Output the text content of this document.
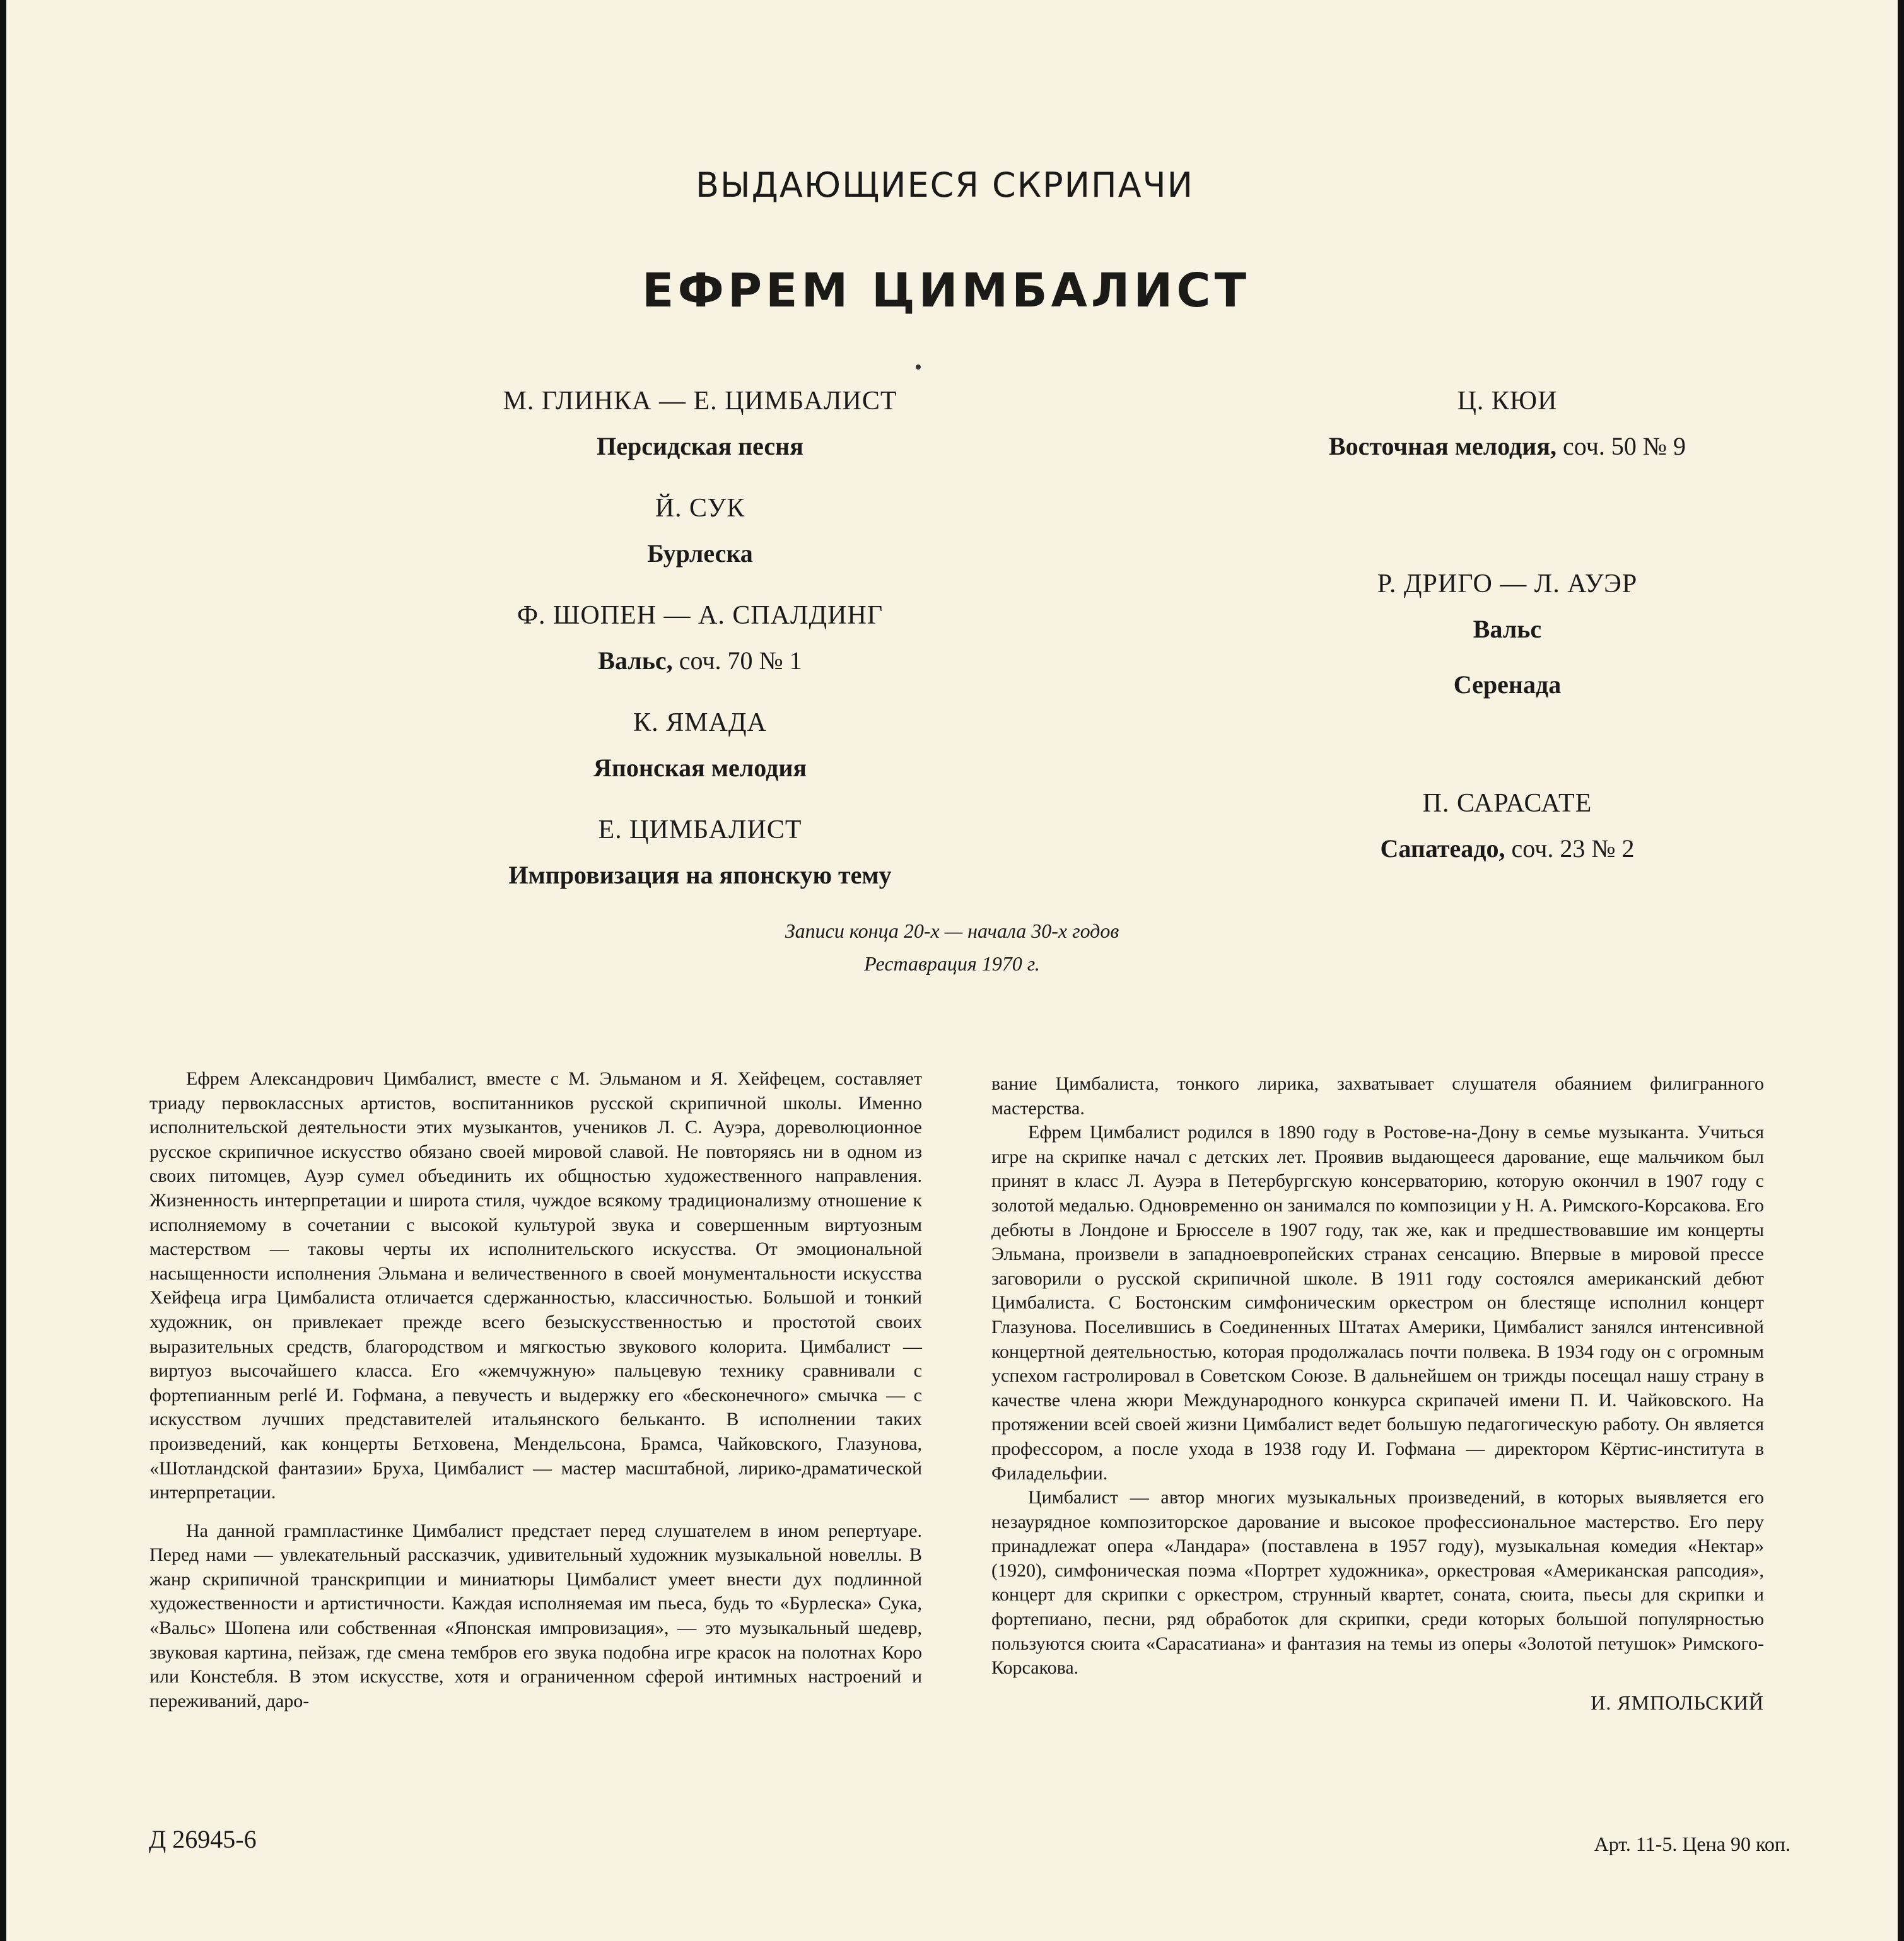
ВЫДАЮЩИЕСЯ СКРИПАЧИ
ЕФРЕМ ЦИМБАЛИСТ

М. ГЛИНКА — Е. ЦИМБАЛИСТ

Персидская песня

Й. СУК

Бурлеска

Ф. ШОПЕН — А. СПАЛДИНГ

Вальс, соч. 70 № 1

К. ЯМАДА

Японская мелодия

Е. ЦИМБАЛИСТ

Импровизация на японскую тему

Ц. КЮИ

Восточная мелодия, соч. 50 № 9

Р. ДРИГО — Л. АУЭР

Вальс

Серенада

П. САРАСАТЕ

Сапатеадо, соч. 23 № 2

Записи конца 20-х — начала 30-х годов
Реставрация 1970 г.

Ефрем Александрович Цимбалист, вместе с М. Эльманом и Я. Хейфецем, составляет триаду первоклассных артистов, воспитанников русской скрипичной школы. Именно исполнительской деятельности этих музыкантов, учеников Л. С. Ауэра, дореволюционное русское скрипичное искусство обязано своей мировой славой. Не повторяясь ни в одном из своих питомцев, Ауэр сумел объединить их общностью художественного направления. Жизненность интерпретации и широта стиля, чуждое всякому традиционализму отношение к исполняемому в сочетании с высокой культурой звука и совершенным виртуозным мастерством — таковы черты их исполнительского искусства. От эмоциональной насыщенности исполнения Эльмана и величественного в своей монументальности искусства Хейфеца игра Цимбалиста отличается сдержанностью, классичностью. Большой и тонкий художник, он привлекает прежде всего безыскусственностью и простотой своих выразительных средств, благородством и мягкостью звукового колорита. Цимбалист — виртуоз высочайшего класса. Его «жемчужную» пальцевую технику сравнивали с фортепианным perlé И. Гофмана, а певучесть и выдержку его «бесконечного» смычка — с искусством лучших представителей итальянского бельканто. В исполнении таких произведений, как концерты Бетховена, Мендельсона, Брамса, Чайковского, Глазунова, «Шотландской фантазии» Бруха, Цимбалист — мастер масштабной, лирико-драматической интерпретации.

На данной грампластинке Цимбалист предстает перед слушателем в ином репертуаре. Перед нами — увлекательный рассказчик, удивительный художник музыкальной новеллы. В жанр скрипичной транскрипции и миниатюры Цимбалист умеет внести дух подлинной художественности и артистичности. Каждая исполняемая им пьеса, будь то «Бурлеска» Сука, «Вальс» Шопена или собственная «Японская импровизация», — это музыкальный шедевр, звуковая картина, пейзаж, где смена тембров его звука подобна игре красок на полотнах Коро или Констебля. В этом искусстве, хотя и ограниченном сферой интимных настроений и переживаний, даро-

вание Цимбалиста, тонкого лирика, захватывает слушателя обаянием филигранного мастерства.

Ефрем Цимбалист родился в 1890 году в Ростове-на-Дону в семье музыканта. Учиться игре на скрипке начал с детских лет. Проявив выдающееся дарование, еще мальчиком был принят в класс Л. Ауэра в Петербургскую консерваторию, которую окончил в 1907 году с золотой медалью. Одновременно он занимался по композиции у Н. А. Римского-Корсакова. Его дебюты в Лондоне и Брюсселе в 1907 году, так же, как и предшествовавшие им концерты Эльмана, произвели в западноевропейских странах сенсацию. Впервые в мировой прессе заговорили о русской скрипичной школе. В 1911 году состоялся американский дебют Цимбалиста. С Бостонским симфоническим оркестром он блестяще исполнил концерт Глазунова. Поселившись в Соединенных Штатах Америки, Цимбалист занялся интенсивной концертной деятельностью, которая продолжалась почти полвека. В 1934 году он с огромным успехом гастролировал в Советском Союзе. В дальнейшем он трижды посещал нашу страну в качестве члена жюри Международного конкурса скрипачей имени П. И. Чайковского. На протяжении всей своей жизни Цимбалист ведет большую педагогическую работу. Он является профессором, а после ухода в 1938 году И. Гофмана — директором Кёртис-института в Филадельфии.

Цимбалист — автор многих музыкальных произведений, в которых выявляется его незаурядное композиторское дарование и высокое профессиональное мастерство. Его перу принадлежат опера «Ландара» (поставлена в 1957 году), музыкальная комедия «Нектар» (1920), симфоническая поэма «Портрет художника», оркестровая «Американская рапсодия», концерт для скрипки с оркестром, струнный квартет, соната, сюита, пьесы для скрипки и фортепиано, песни, ряд обработок для скрипки, среди которых большой популярностью пользуются сюита «Сарасатиана» и фантазия на темы из оперы «Золотой петушок» Римского-Корсакова.

И. ЯМПОЛЬСКИЙ
Д 26945-6	Арт. 11-5. Цена 90 коп.
